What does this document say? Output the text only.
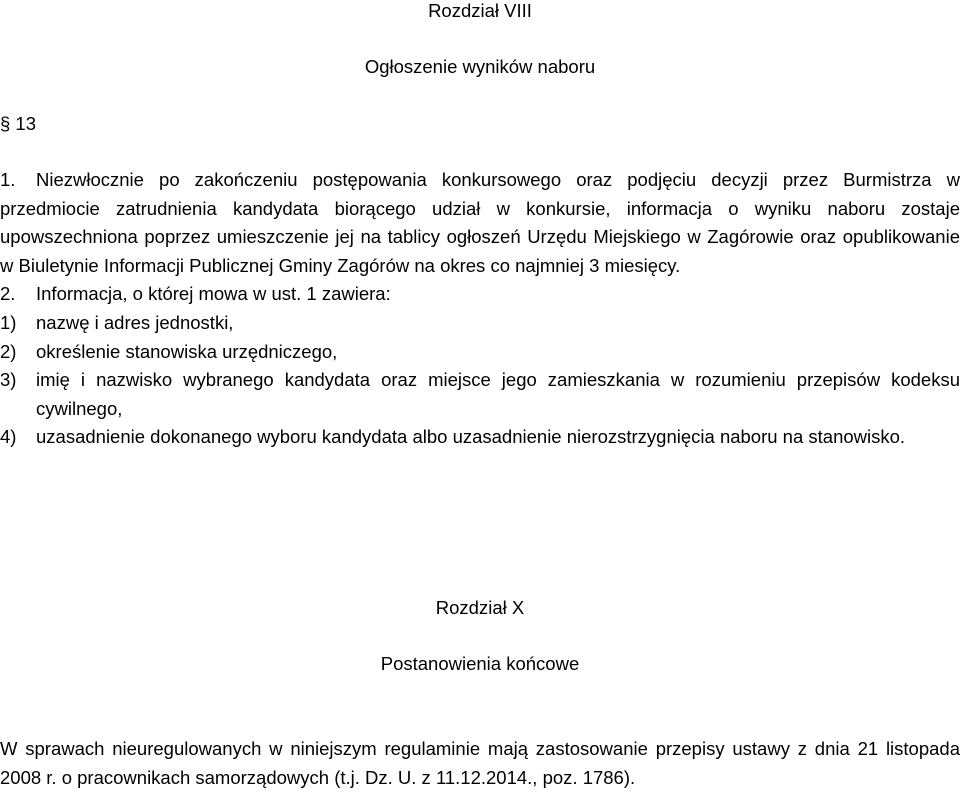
Rozdział VIII
Ogłoszenie wyników naboru
§ 13
1.	Niezwłocznie po zakończeniu postępowania konkursowego oraz podjęciu decyzji przez Burmistrza w przedmiocie zatrudnienia kandydata biorącego udział w konkursie, informacja o wyniku naboru zostaje upowszechniona poprzez umieszczenie jej na tablicy ogłoszeń Urzędu Miejskiego w Zagórowie oraz opublikowanie w Biuletynie Informacji Publicznej Gminy Zagórów na okres co najmniej 3 miesięcy.
2.	Informacja, o której mowa w ust. 1 zawiera:
1)	nazwę i adres jednostki,
2)	określenie stanowiska urzędniczego,
3)	imię i nazwisko wybranego kandydata oraz miejsce jego zamieszkania w rozumieniu przepisów kodeksu cywilnego,
4)	uzasadnienie dokonanego wyboru kandydata albo uzasadnienie nierozstrzygnięcia naboru na stanowisko.
Rozdział X
Postanowienia końcowe
W sprawach nieuregulowanych w niniejszym regulaminie mają zastosowanie przepisy ustawy z dnia 21 listopada 2008 r. o pracownikach samorządowych (t.j. Dz. U. z 11.12.2014., poz. 1786).
